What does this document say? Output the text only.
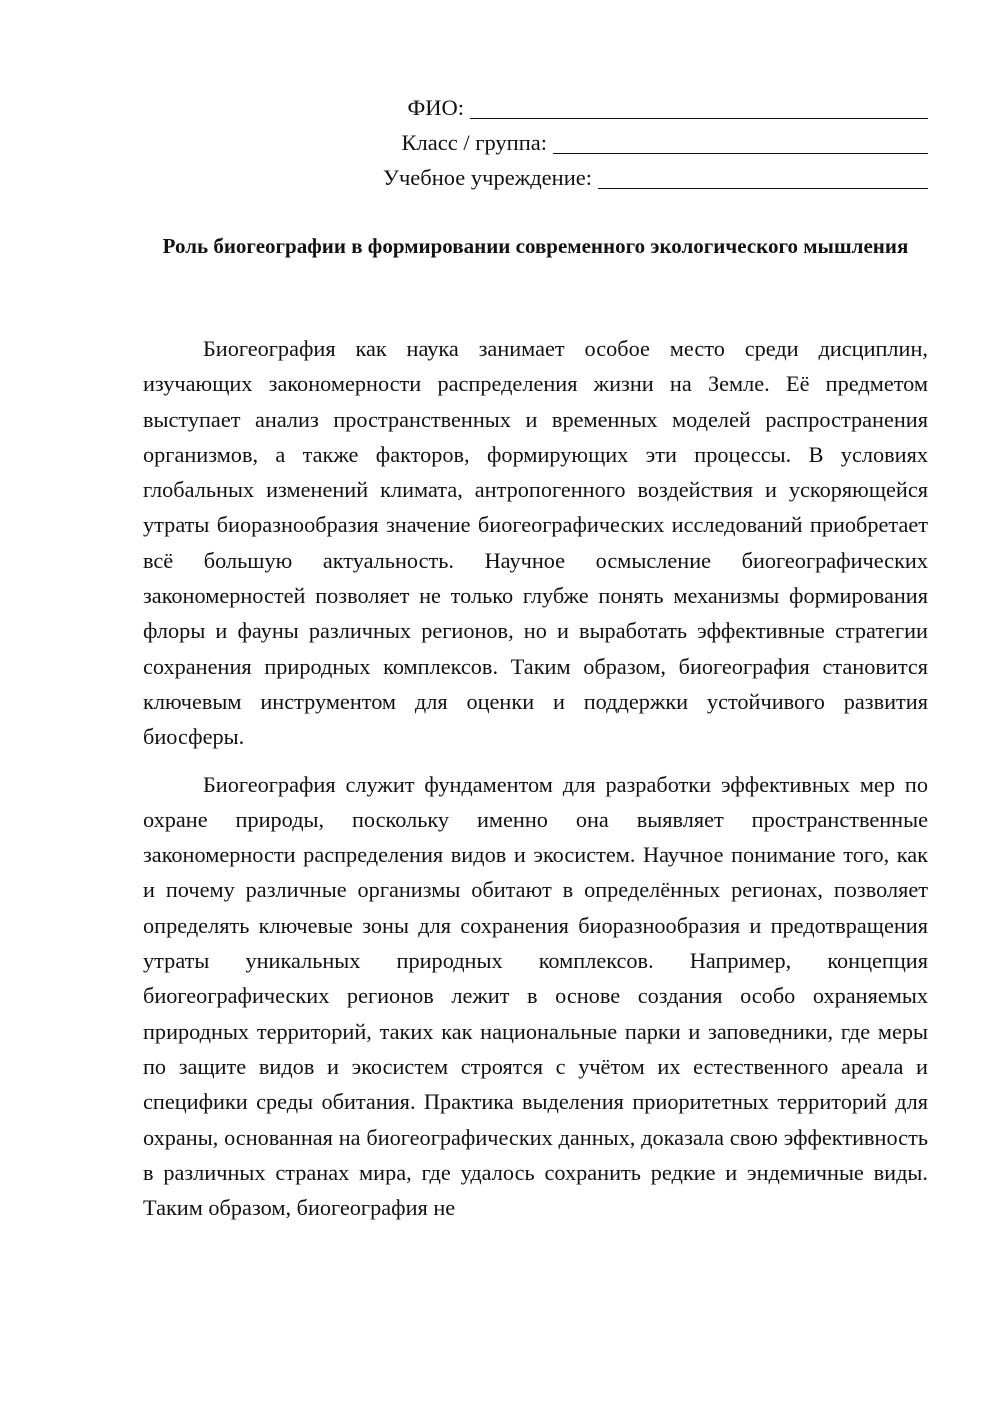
ФИО:
Класс / группа:
Учебное учреждение:
Роль биогеографии в формировании современного экологического мышления

Биогеография как наука занимает особое место среди дисциплин, изучающих закономерности распределения жизни на Земле. Её предметом выступает анализ пространственных и временных моделей распространения организмов, а также факторов, формирующих эти процессы. В условиях глобальных изменений климата, антропогенного воздействия и ускоряющейся утраты биоразнообразия значение биогеографических исследований приобретает всё большую актуальность. Научное осмысление биогеографических закономерностей позволяет не только глубже понять механизмы формирования флоры и фауны различных регионов, но и выработать эффективные стратегии сохранения природных комплексов. Таким образом, биогеография становится ключевым инструментом для оценки и поддержки устойчивого развития биосферы.

Биогеография служит фундаментом для разработки эффективных мер по охране природы, поскольку именно она выявляет пространственные закономерности распределения видов и экосистем. Научное понимание того, как и почему различные организмы обитают в определённых регионах, позволяет определять ключевые зоны для сохранения биоразнообразия и предотвращения утраты уникальных природных комплексов. Например, концепция биогеографических регионов лежит в основе создания особо охраняемых природных территорий, таких как национальные парки и заповедники, где меры по защите видов и экосистем строятся с учётом их естественного ареала и специфики среды обитания. Практика выделения приоритетных территорий для охраны, основанная на биогеографических данных, доказала свою эффективность в различных странах мира, где удалось сохранить редкие и эндемичные виды. Таким образом, биогеография не
